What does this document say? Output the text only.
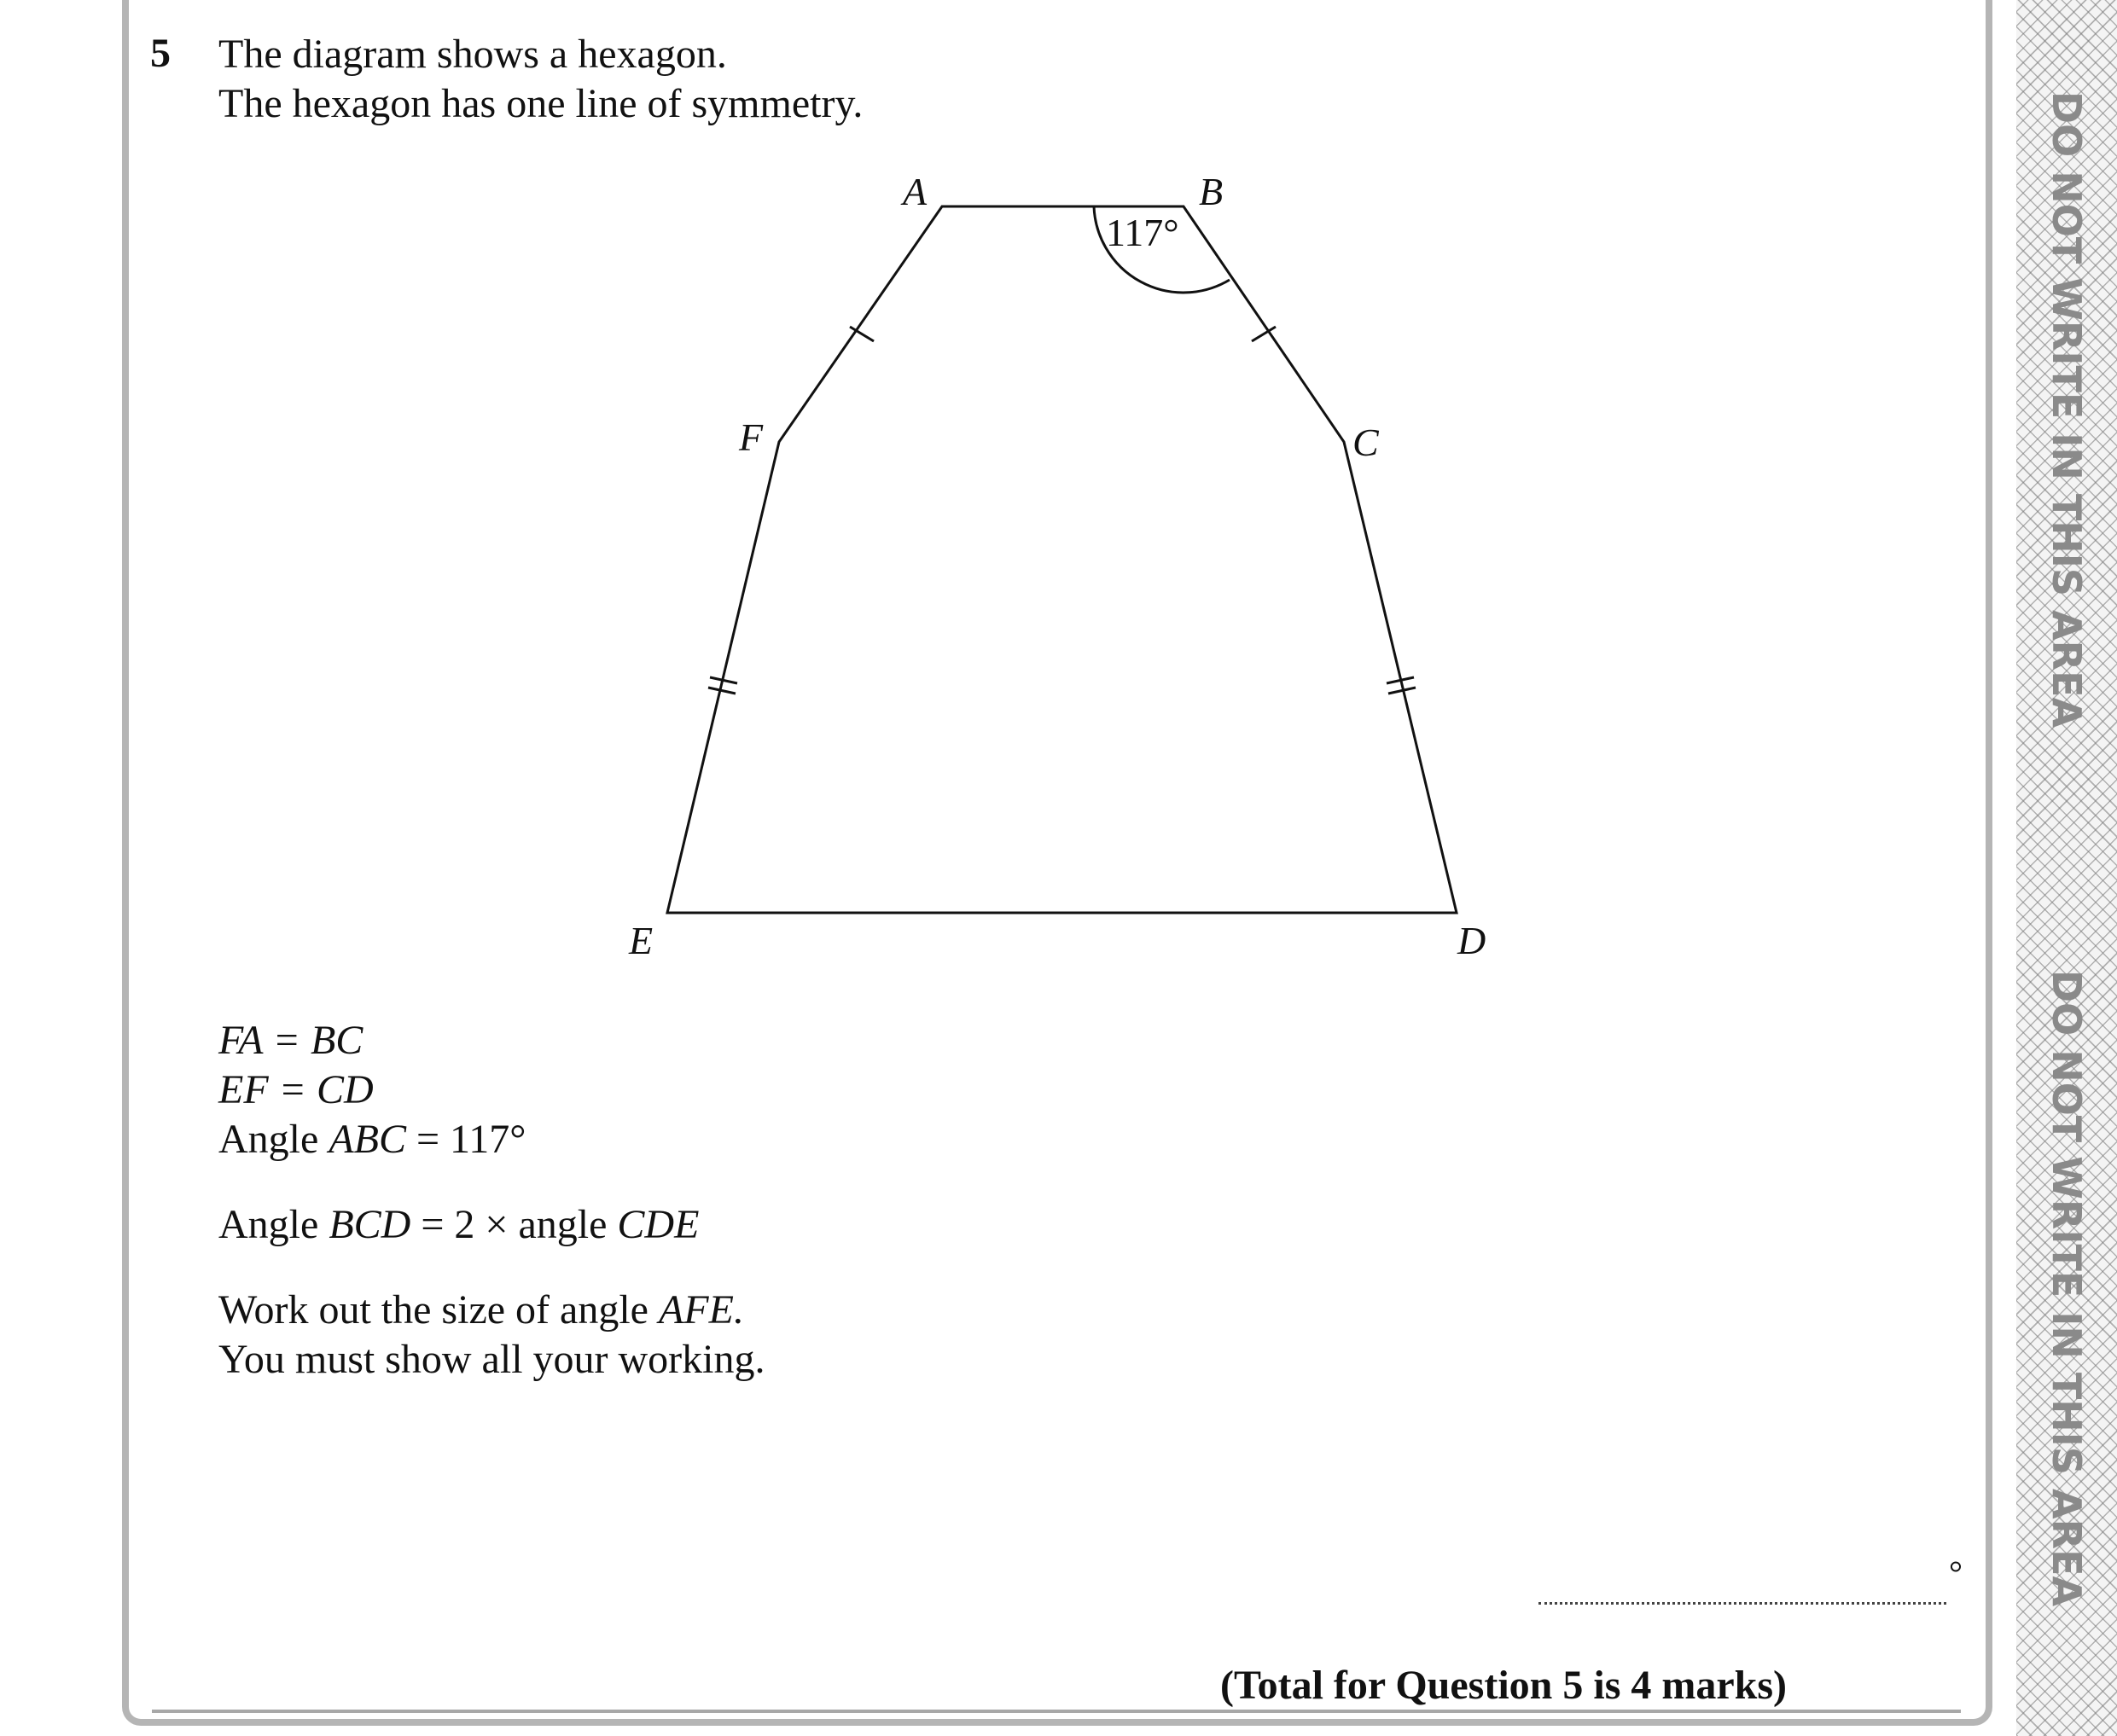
DO NOT WRITE IN THIS AREA
DO NOT WRITE IN THIS AREA
5 The diagram shows a hexagon.
The hexagon has one line of symmetry.
117°
A	B
C
D
E
F
FA = BC
EF = CD
Angle ABC = 117°
Angle BCD = 2 × angle CDE
Work out the size of angle AFE.
You must show all your working.
°
(Total for Question 5 is 4 marks)
